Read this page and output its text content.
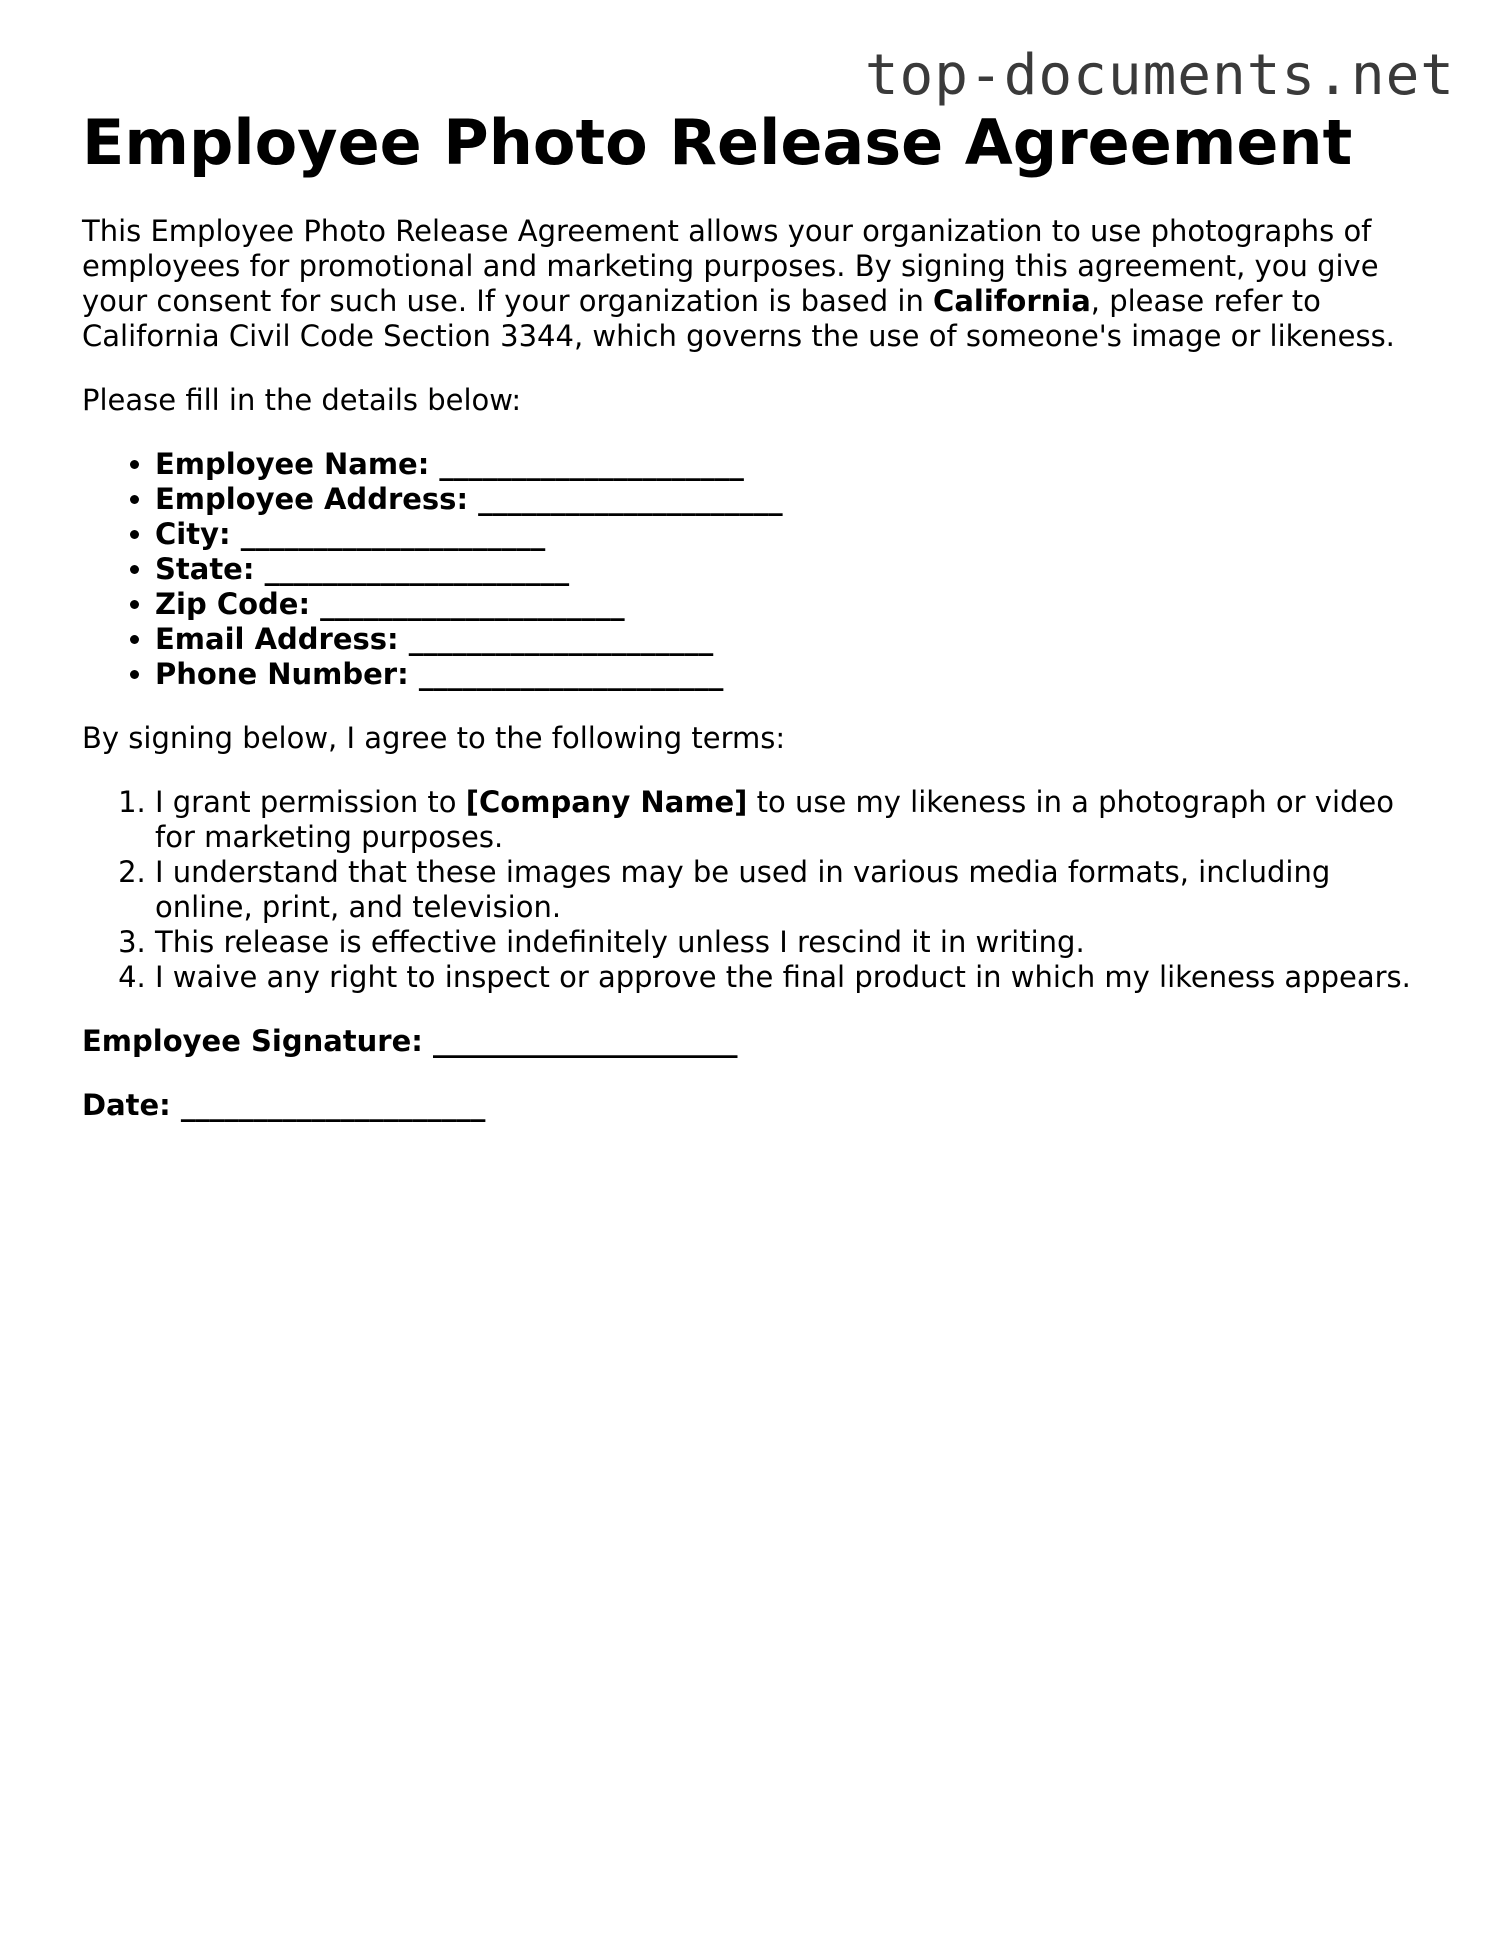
top-documents.net
Employee Photo Release Agreement

This Employee Photo Release Agreement allows your organization to use photographs of employees for promotional and marketing purposes. By signing this agreement, you give your consent for such use. If your organization is based in California, please refer to California Civil Code Section 3344, which governs the use of someone's image or likeness.

Please fill in the details below:

• Employee Name: _____________________
• Employee Address: _____________________
• City: _____________________
• State: _____________________
• Zip Code: _____________________
• Email Address: _____________________
• Phone Number: _____________________

By signing below, I agree to the following terms:

1. I grant permission to [Company Name] to use my likeness in a photograph or video for marketing purposes.
2. I understand that these images may be used in various media formats, including online, print, and television.
3. This release is effective indefinitely unless I rescind it in writing.
4. I waive any right to inspect or approve the final product in which my likeness appears.

Employee Signature: _____________________

Date: _____________________
